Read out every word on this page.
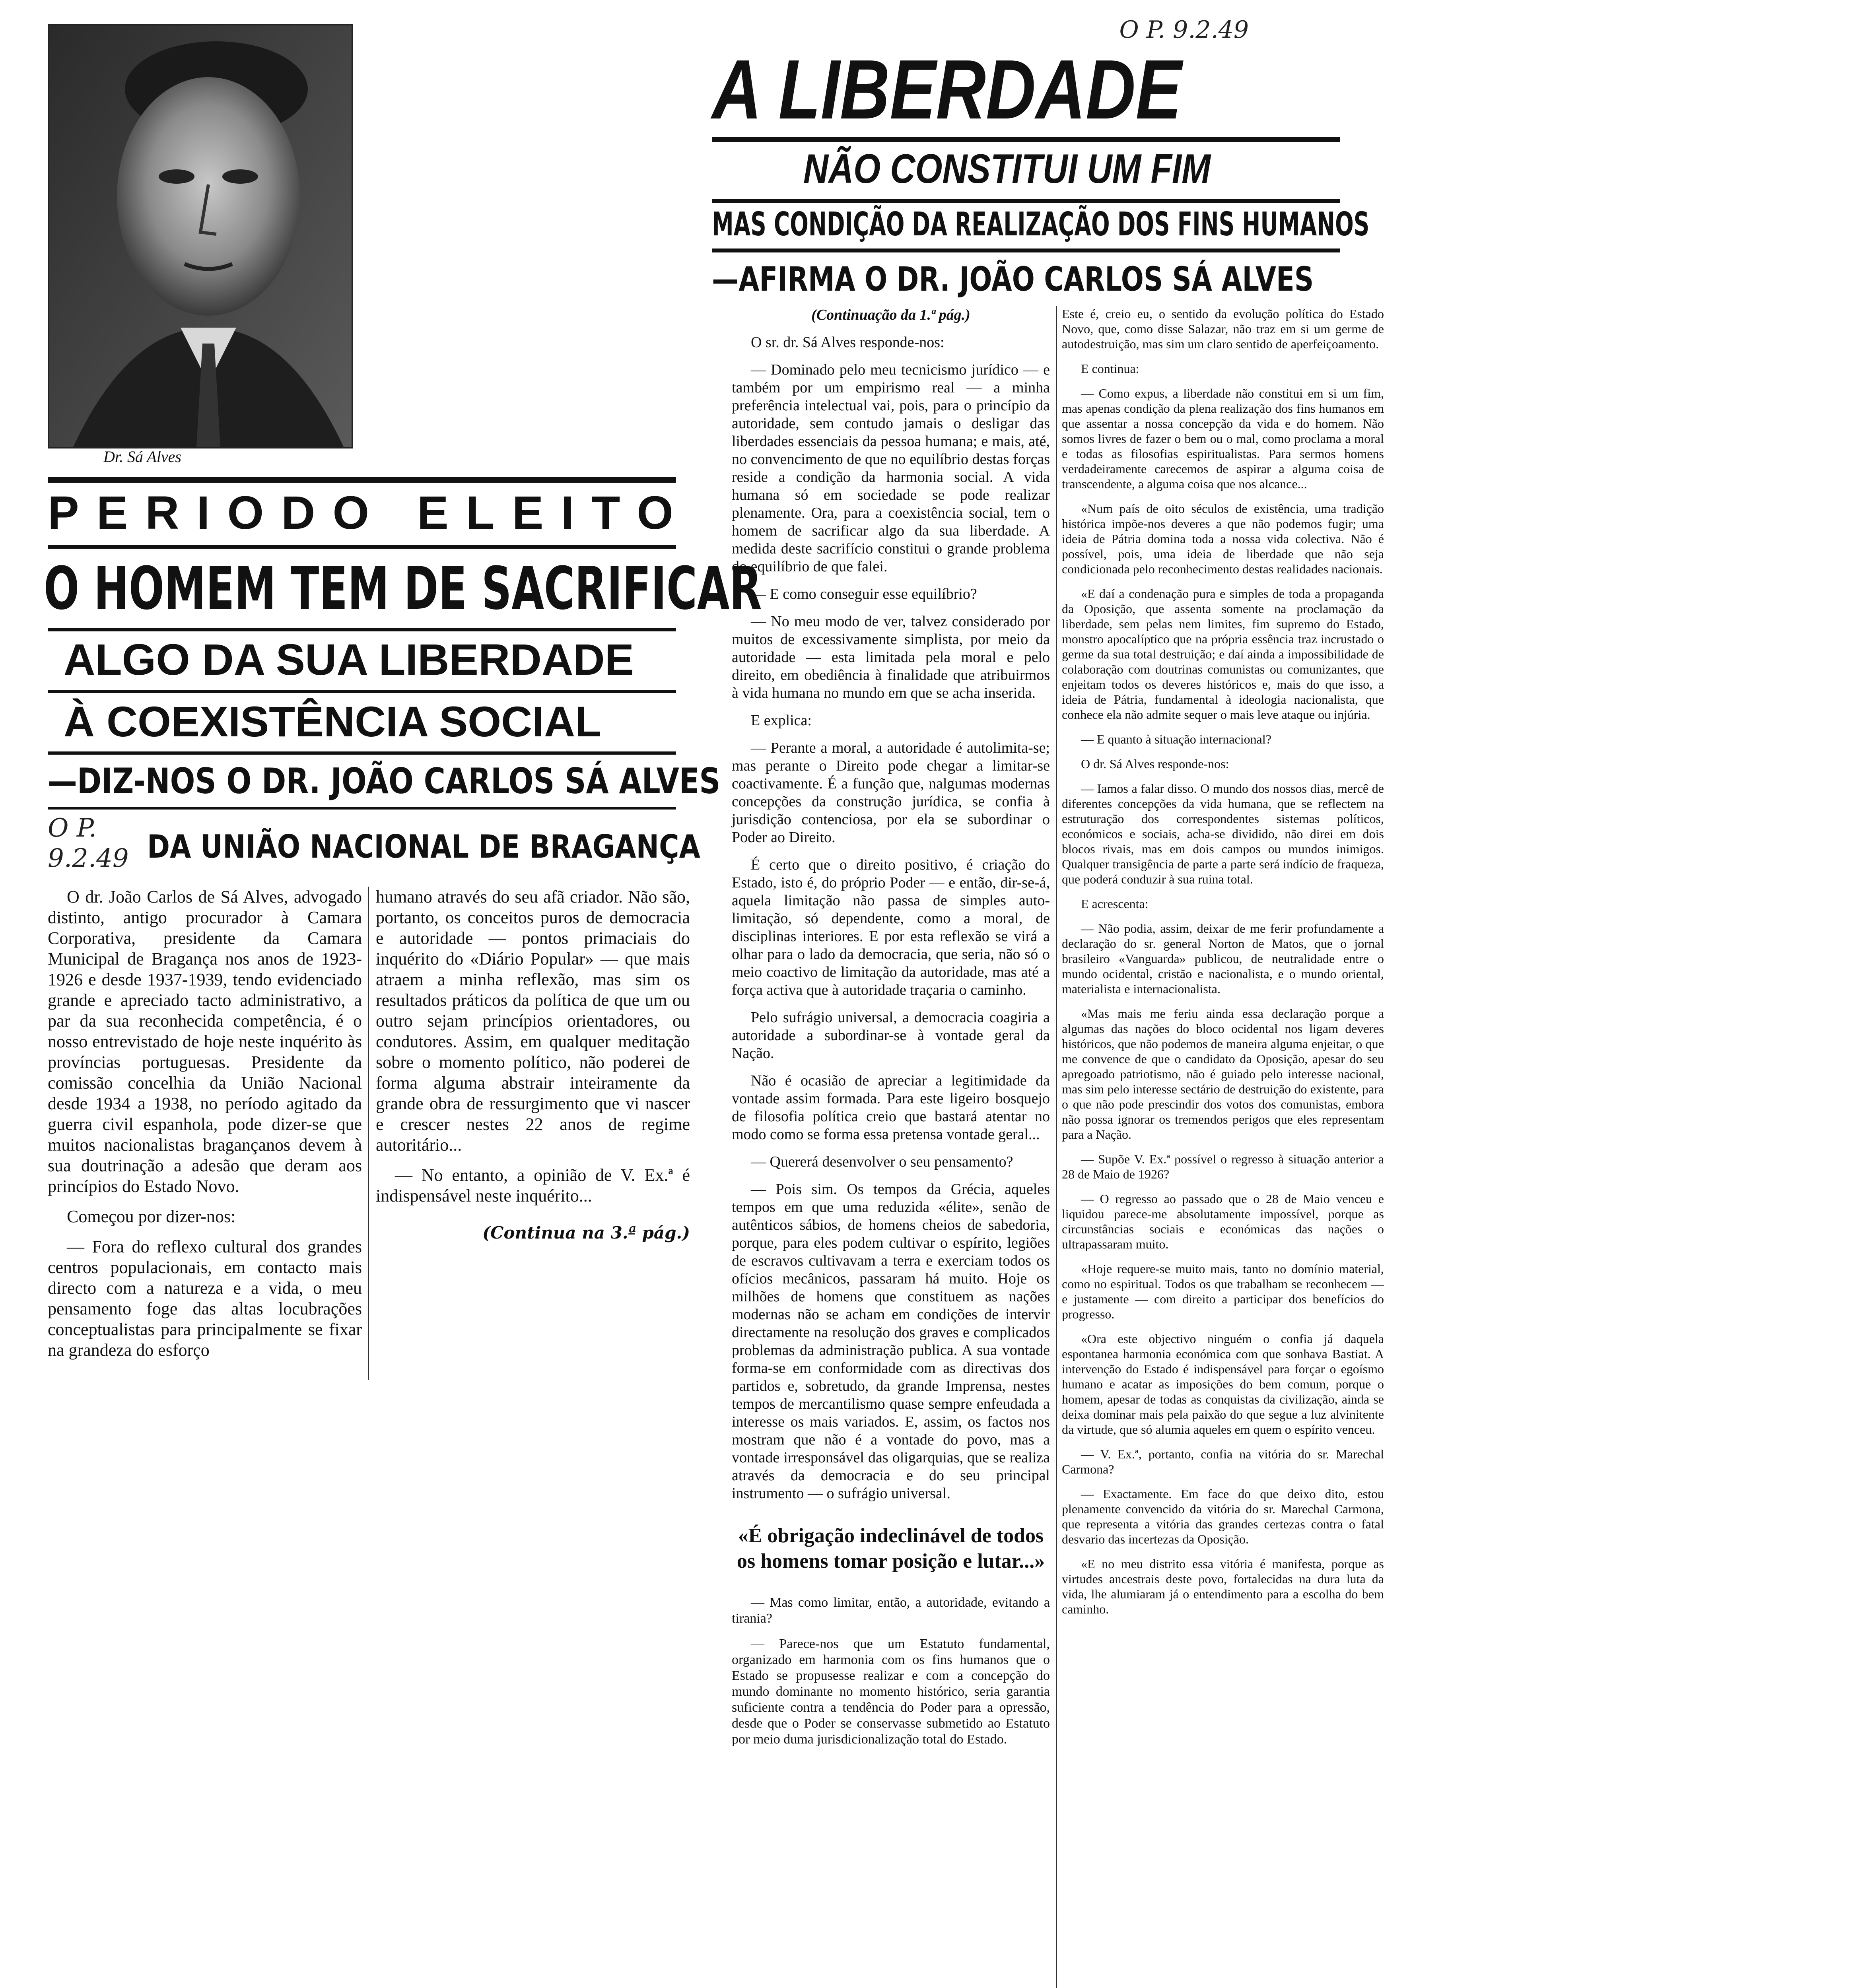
Dr. Sá Alves
PERIODO ELEITO
O HOMEM TEM DE SACRIFICAR
ALGO DA SUA LIBERDADE
À COEXISTÊNCIA SOCIAL
—DIZ-NOS O DR. JOÃO CARLOS SÁ ALVES
O P. 9.2.49 DA UNIÃO NACIONAL DE BRAGANÇA

O dr. João Carlos de Sá Alves, advogado distinto, antigo procurador à Camara Corporativa, presidente da Camara Municipal de Bragança nos anos de 1923-1926 e desde 1937-1939, tendo evidenciado grande e apreciado tacto administrativo, a par da sua reconhecida competência, é o nosso entrevistado de hoje neste inquérito às províncias portuguesas. Presidente da comissão concelhia da União Nacional desde 1934 a 1938, no período agitado da guerra civil espanhola, pode dizer-se que muitos nacionalistas bragançanos devem à sua doutrinação a adesão que deram aos princípios do Estado Novo.

Começou por dizer-nos:

— Fora do reflexo cultural dos grandes centros populacionais, em contacto mais directo com a natureza e a vida, o meu pensamento foge das altas locubrações conceptualistas para principalmente se fixar na grandeza do esforço

humano através do seu afã criador. Não são, portanto, os conceitos puros de democracia e autoridade — pontos primaciais do inquérito do «Diário Popular» — que mais atraem a minha reflexão, mas sim os resultados práticos da política de que um ou outro sejam princípios orientadores, ou condutores. Assim, em qualquer meditação sobre o momento político, não poderei de forma alguma abstrair inteiramente da grande obra de ressurgimento que vi nascer e crescer nestes 22 anos de regime autoritário...

— No entanto, a opinião de V. Ex.ª é indispensável neste inquérito...

(Continua na 3.ª pág.)

O P. 9.2.49
A LIBERDADE
NÃO CONSTITUI UM FIM
MAS CONDIÇÃO DA REALIZAÇÃO DOS FINS HUMANOS
—AFIRMA O DR. JOÃO CARLOS SÁ ALVES

(Continuação da 1.ª pág.)

O sr. dr. Sá Alves responde-nos:

— Dominado pelo meu tecnicismo jurídico — e também por um empirismo real — a minha preferência intelectual vai, pois, para o princípio da autoridade, sem contudo jamais o desligar das liberdades essenciais da pessoa humana; e mais, até, no convencimento de que no equilíbrio destas forças reside a condição da harmonia social. A vida humana só em sociedade se pode realizar plenamente. Ora, para a coexistência social, tem o homem de sacrificar algo da sua liberdade. A medida deste sacrifício constitui o grande problema do equilíbrio de que falei.

— E como conseguir esse equilíbrio?

— No meu modo de ver, talvez considerado por muitos de excessivamente simplista, por meio da autoridade — esta limitada pela moral e pelo direito, em obediência à finalidade que atribuirmos à vida humana no mundo em que se acha inserida.

E explica:

— Perante a moral, a autoridade é autolimita-se; mas perante o Direito pode chegar a limitar-se coactivamente. É a função que, nalgumas modernas concepções da construção jurídica, se confia à jurisdição contenciosa, por ela se subordinar o Poder ao Direito.

É certo que o direito positivo, é criação do Estado, isto é, do próprio Poder — e então, dir-se-á, aquela limitação não passa de simples auto-limitação, só dependente, como a moral, de disciplinas interiores. E por esta reflexão se virá a olhar para o lado da democracia, que seria, não só o meio coactivo de limitação da autoridade, mas até a força activa que à autoridade traçaria o caminho.

Pelo sufrágio universal, a democracia coagiria a autoridade a subordinar-se à vontade geral da Nação.

Não é ocasião de apreciar a legitimidade da vontade assim formada. Para este ligeiro bosquejo de filosofia política creio que bastará atentar no modo como se forma essa pretensa vontade geral...

— Quererá desenvolver o seu pensamento?

— Pois sim. Os tempos da Grécia, aqueles tempos em que uma reduzida «élite», senão de autênticos sábios, de homens cheios de sabedoria, porque, para eles podem cultivar o espírito, legiões de escravos cultivavam a terra e exerciam todos os ofícios mecânicos, passaram há muito. Hoje os milhões de homens que constituem as nações modernas não se acham em condições de intervir directamente na resolução dos graves e complicados problemas da administração publica. A sua vontade forma-se em conformidade com as directivas dos partidos e, sobretudo, da grande Imprensa, nestes tempos de mercantilismo quase sempre enfeudada a interesse os mais variados. E, assim, os factos nos mostram que não é a vontade do povo, mas a vontade irresponsável das oligarquias, que se realiza através da democracia e do seu principal instrumento — o sufrágio universal.

«É obrigação indeclinável de todos os homens tomar posição e lutar...»

— Mas como limitar, então, a autoridade, evitando a tirania?

— Parece-nos que um Estatuto fundamental, organizado em harmonia com os fins humanos que o Estado se propusesse realizar e com a concepção do mundo dominante no momento histórico, seria garantia suficiente contra a tendência do Poder para a opressão, desde que o Poder se conservasse submetido ao Estatuto por meio duma jurisdicionalização total do Estado.

Este é, creio eu, o sentido da evolução política do Estado Novo, que, como disse Salazar, não traz em si um germe de autodestruição, mas sim um claro sentido de aperfeiçoamento.

E continua:

— Como expus, a liberdade não constitui em si um fim, mas apenas condição da plena realização dos fins humanos em que assentar a nossa concepção da vida e do homem. Não somos livres de fazer o bem ou o mal, como proclama a moral e todas as filosofias espiritualistas. Para sermos homens verdadeiramente carecemos de aspirar a alguma coisa de transcendente, a alguma coisa que nos alcance...

«Num país de oito séculos de existência, uma tradição histórica impõe-nos deveres a que não podemos fugir; uma ideia de Pátria domina toda a nossa vida colectiva. Não é possível, pois, uma ideia de liberdade que não seja condicionada pelo reconhecimento destas realidades nacionais.

«E daí a condenação pura e simples de toda a propaganda da Oposição, que assenta somente na proclamação da liberdade, sem pelas nem limites, fim supremo do Estado, monstro apocalíptico que na própria essência traz incrustado o germe da sua total destruição; e daí ainda a impossibilidade de colaboração com doutrinas comunistas ou comunizantes, que enjeitam todos os deveres históricos e, mais do que isso, a ideia de Pátria, fundamental à ideologia nacionalista, que conhece ela não admite sequer o mais leve ataque ou injúria.

— E quanto à situação internacional?

O dr. Sá Alves responde-nos:

— Iamos a falar disso. O mundo dos nossos dias, mercê de diferentes concepções da vida humana, que se reflectem na estruturação dos correspondentes sistemas políticos, económicos e sociais, acha-se dividido, não direi em dois blocos rivais, mas em dois campos ou mundos inimigos. Qualquer transigência de parte a parte será indício de fraqueza, que poderá conduzir à sua ruina total.

E acrescenta:

— Não podia, assim, deixar de me ferir profundamente a declaração do sr. general Norton de Matos, que o jornal brasileiro «Vanguarda» publicou, de neutralidade entre o mundo ocidental, cristão e nacionalista, e o mundo oriental, materialista e internacionalista.

«Mas mais me feriu ainda essa declaração porque a algumas das nações do bloco ocidental nos ligam deveres históricos, que não podemos de maneira alguma enjeitar, o que me convence de que o candidato da Oposição, apesar do seu apregoado patriotismo, não é guiado pelo interesse nacional, mas sim pelo interesse sectário de destruição do existente, para o que não pode prescindir dos votos dos comunistas, embora não possa ignorar os tremendos perigos que eles representam para a Nação.

— Supõe V. Ex.ª possível o regresso à situação anterior a 28 de Maio de 1926?

— O regresso ao passado que o 28 de Maio venceu e liquidou parece-me absolutamente impossível, porque as circunstâncias sociais e económicas das nações o ultrapassaram muito.

«Hoje requere-se muito mais, tanto no domínio material, como no espiritual. Todos os que trabalham se reconhecem — e justamente — com direito a participar dos benefícios do progresso.

«Ora este objectivo ninguém o confia já daquela espontanea harmonia económica com que sonhava Bastiat. A intervenção do Estado é indispensável para forçar o egoísmo humano e acatar as imposições do bem comum, porque o homem, apesar de todas as conquistas da civilização, ainda se deixa dominar mais pela paixão do que segue a luz alvinitente da virtude, que só alumia aqueles em quem o espírito venceu.

— V. Ex.ª, portanto, confia na vitória do sr. Marechal Carmona?

— Exactamente. Em face do que deixo dito, estou plenamente convencido da vitória do sr. Marechal Carmona, que representa a vitória das grandes certezas contra o fatal desvario das incertezas da Oposição.

«E no meu distrito essa vitória é manifesta, porque as virtudes ancestrais deste povo, fortalecidas na dura luta da vida, lhe alumiaram já o entendimento para a escolha do bem caminho.
